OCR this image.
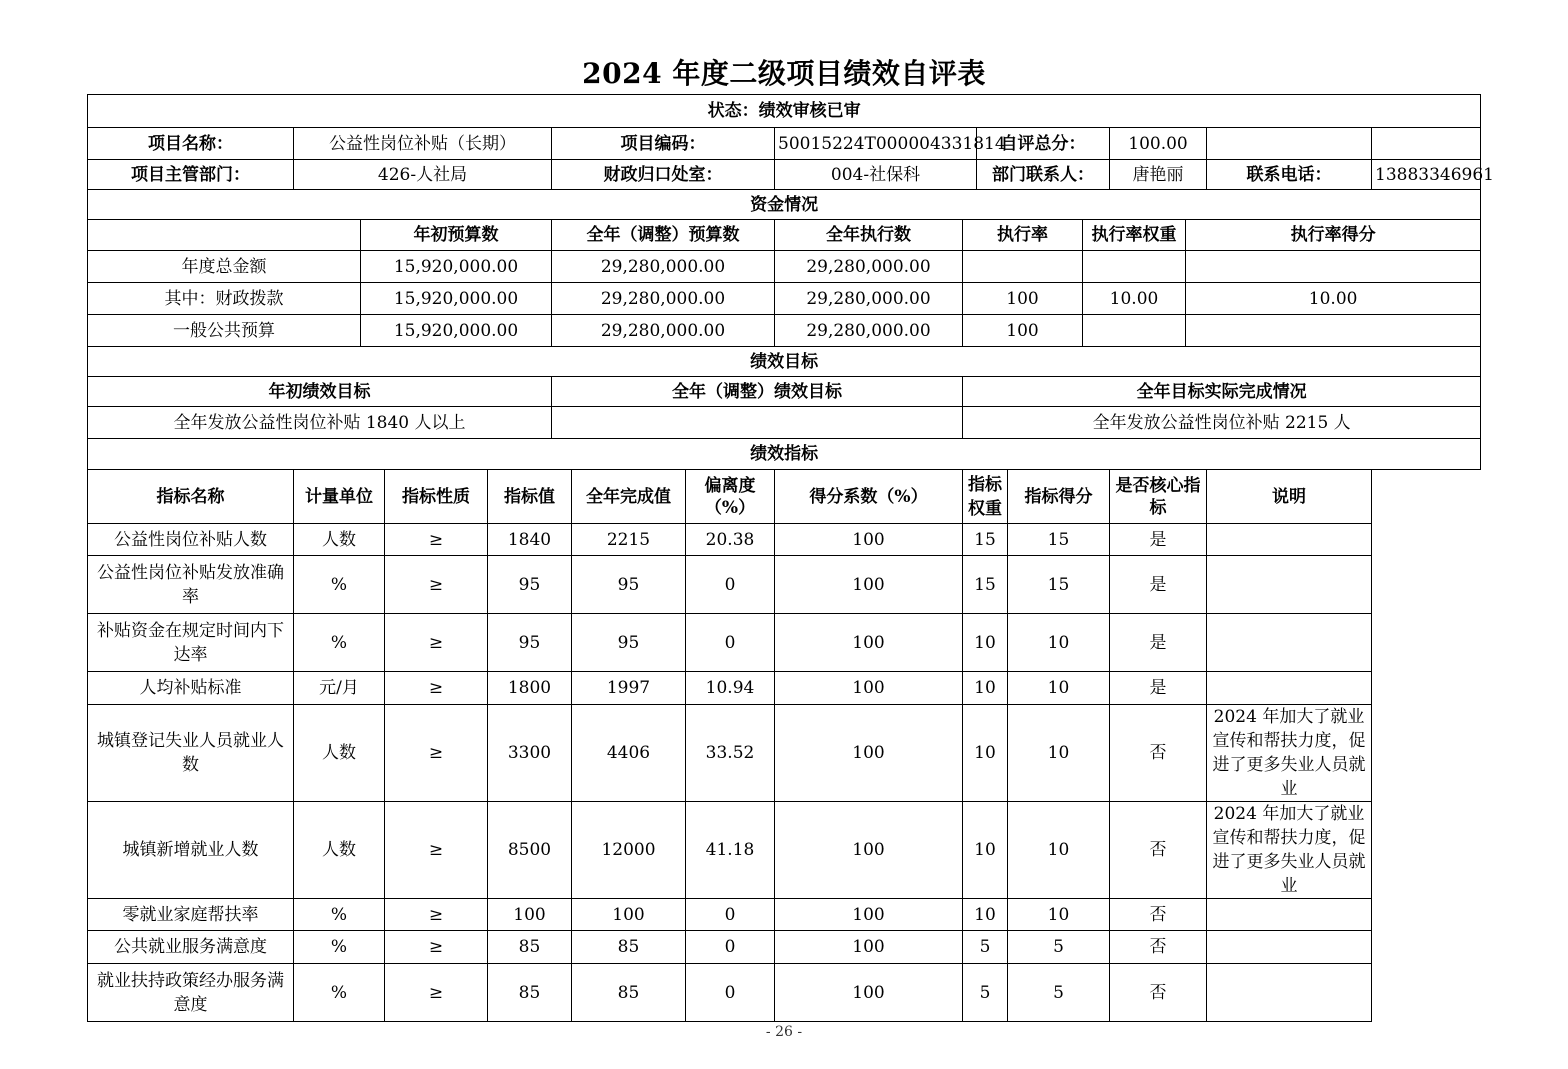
2024 年度二级项目绩效自评表
状态：绩效审核已审																
项目名称：	公益性岗位补贴（长期）				项目编码：			50015224T000004331814		自评总分：			100.00			
项目主管部门：	426-人社局				财政归口处室：			004-社保科		部门联系人：			唐艳丽		联系电话：	13883346961
资金情况																
		年初预算数			全年（调整）预算数			全年执行数	执行率			执行率权重		执行率得分		
年度总金额		15,920,000.00			29,280,000.00			29,280,000.00								
其中：财政拨款		15,920,000.00			29,280,000.00			29,280,000.00	100			10.00		10.00		
一般公共预算		15,920,000.00			29,280,000.00			29,280,000.00	100							
绩效目标																
年初绩效目标					全年（调整）绩效目标				全年目标实际完成情况							
全年发放公益性岗位补贴 1840 人以上									全年发放公益性岗位补贴 2215 人							
绩效指标																
指标名称	计量单位		指标性质	指标值		全年完成值	偏离度（%）	得分系数（%）	指标权重		指标得分		是否核心指标		说明	
公益性岗位补贴人数	人数		≥	1840		2215	20.38	100	15		15		是			
公益性岗位补贴发放准确率	%		≥	95		95	0	100	15		15		是			
补贴资金在规定时间内下达率	%		≥	95		95	0	100	10		10		是			
人均补贴标准	元/月		≥	1800		1997	10.94	100	10		10		是			
城镇登记失业人员就业人数	人数		≥	3300		4406	33.52	100	10		10		否		2024 年加大了就业宣传和帮扶力度，促进了更多失业人员就业	
城镇新增就业人数	人数		≥	8500		12000	41.18	100	10		10		否		2024 年加大了就业宣传和帮扶力度，促进了更多失业人员就业	
零就业家庭帮扶率	%		≥	100		100	0	100	10		10		否			
公共就业服务满意度	%		≥	85		85	0	100	5		5		否			
就业扶持政策经办服务满意度	%		≥	85		85	0	100	5		5		否			
- 26 -
